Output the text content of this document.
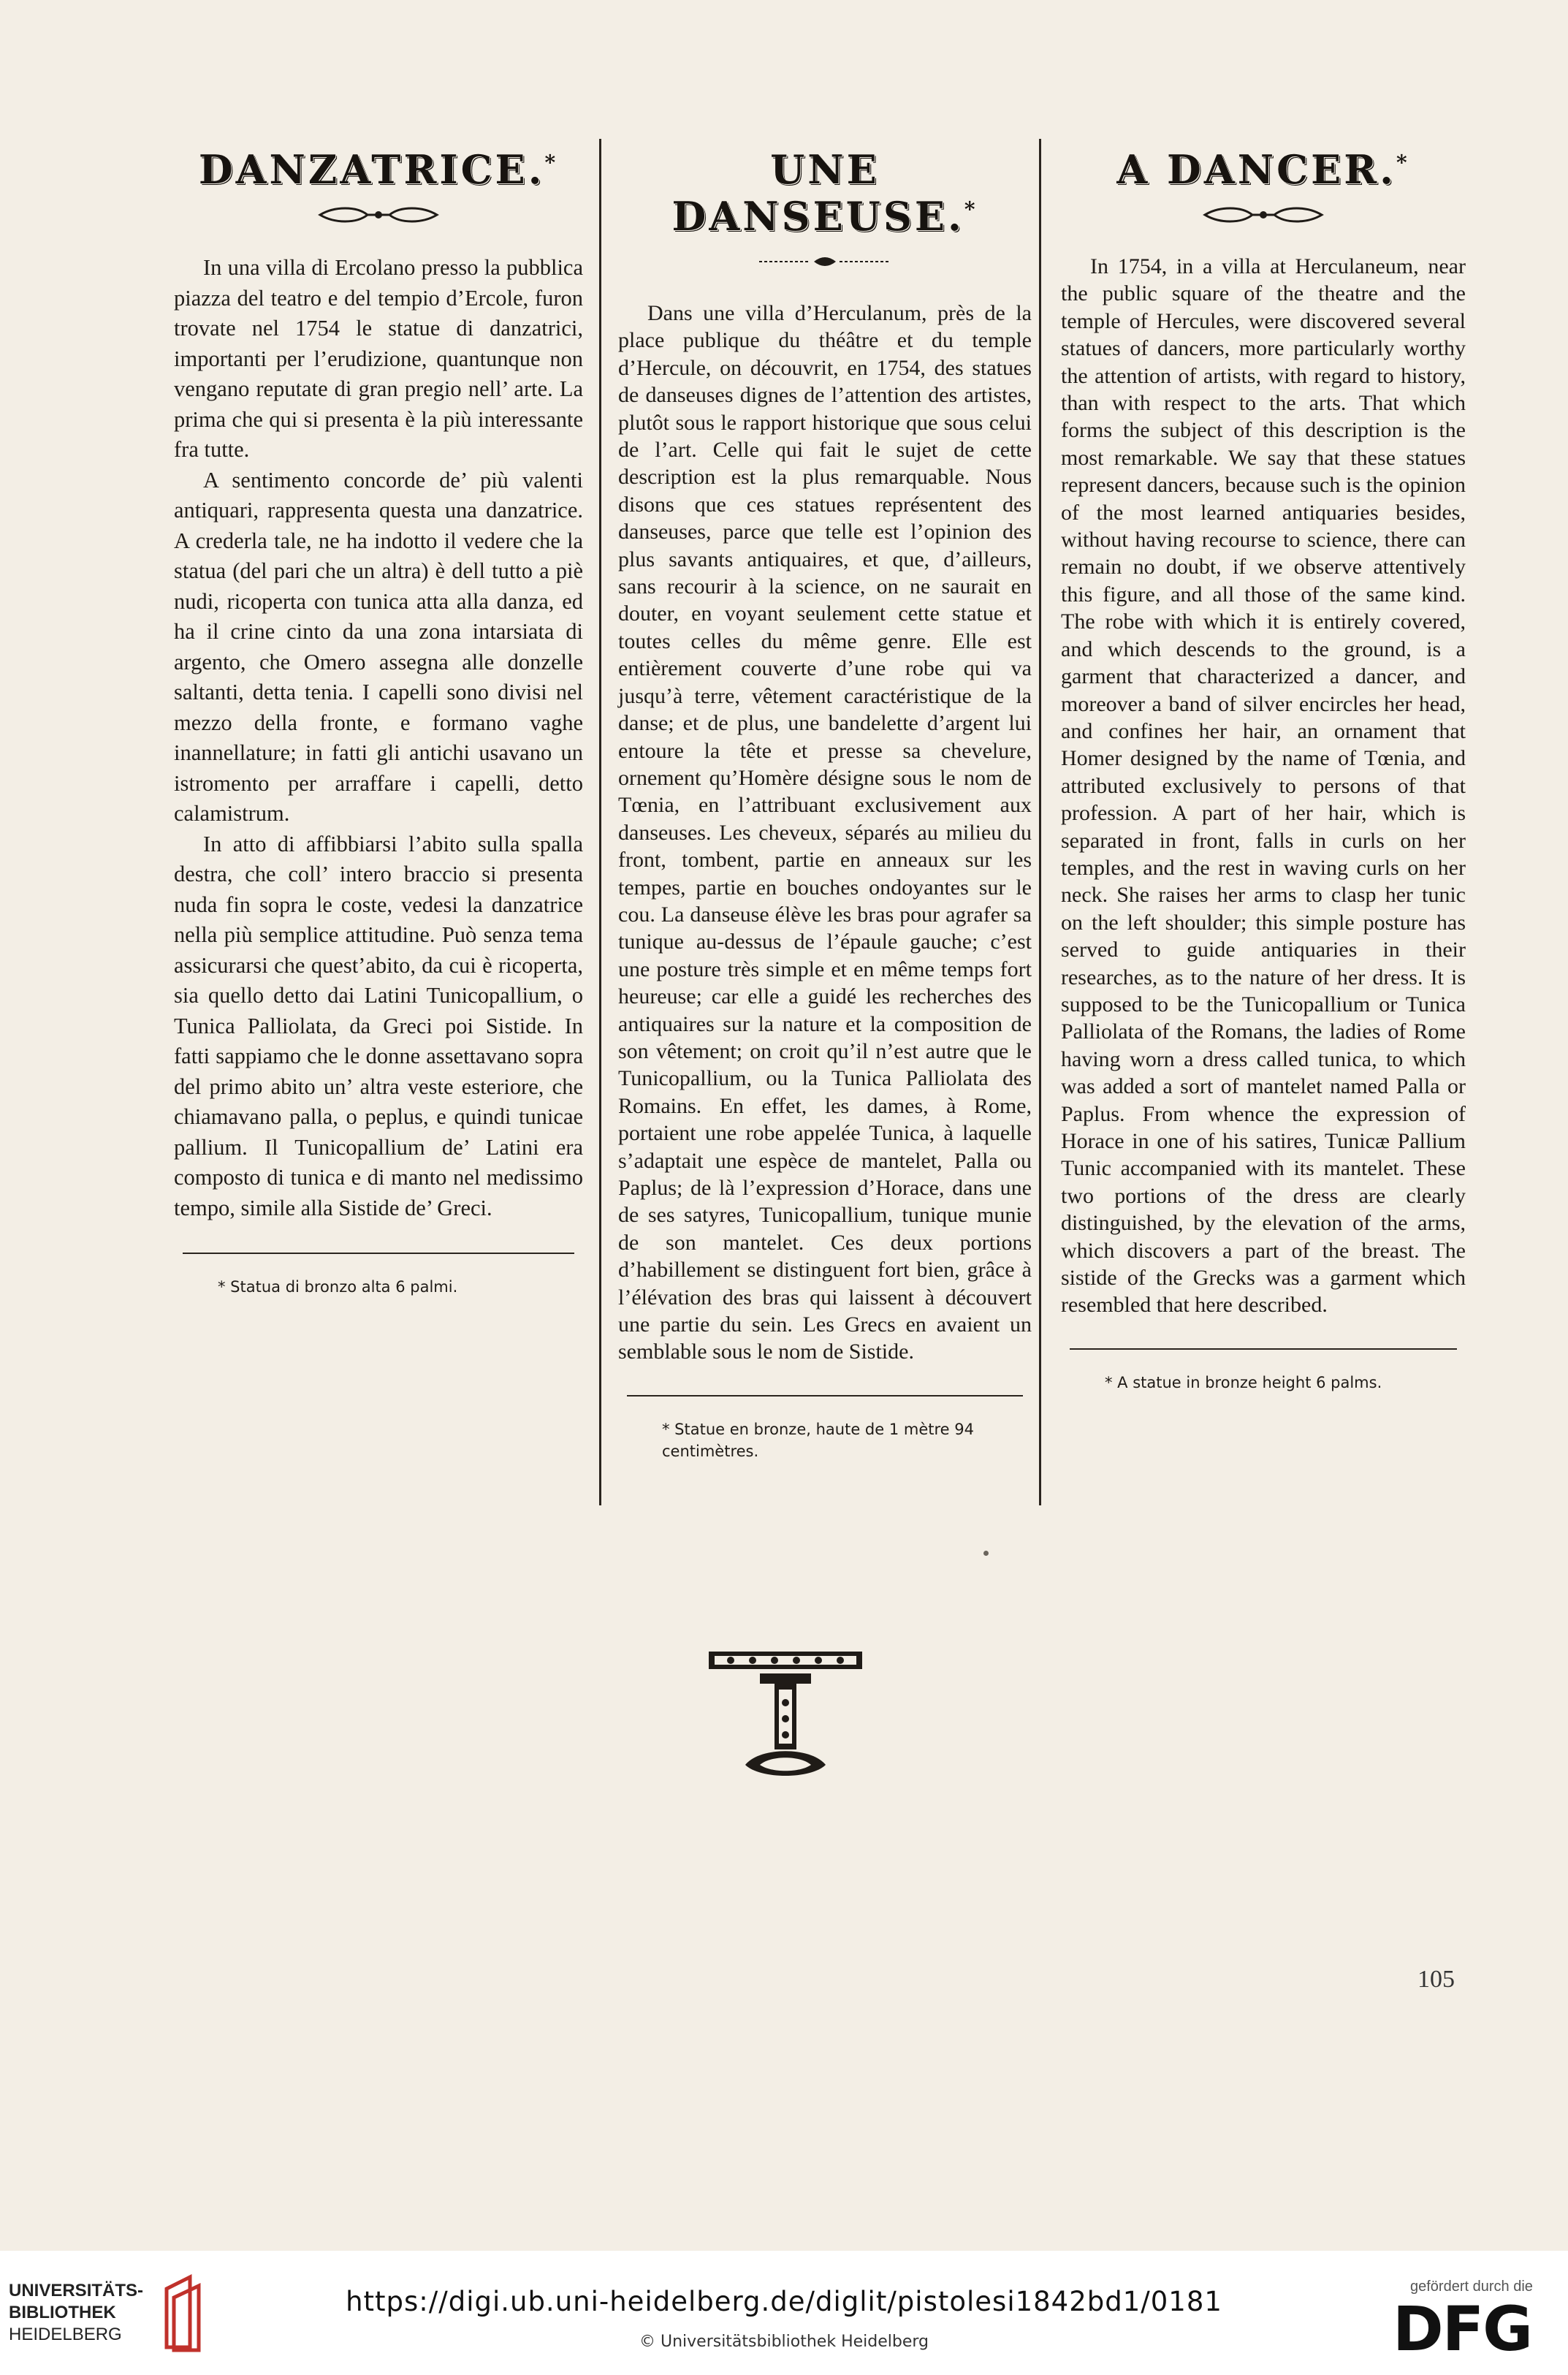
DANZATRICE.*

In una villa di Ercolano presso la pubblica piazza del teatro e del tempio d’Ercole, furon trovate nel 1754 le statue di danzatrici, importanti per l’erudizione, quantunque non vengano reputate di gran pregio nell’ arte. La prima che qui si presenta è la più interessante fra tutte.

A sentimento concorde de’ più valenti antiquari, rappresenta questa una danzatrice. A crederla tale, ne ha indotto il vedere che la statua (del pari che un altra) è dell tutto a piè nudi, ricoperta con tunica atta alla danza, ed ha il crine cinto da una zona intarsiata di argento, che Omero assegna alle donzelle saltanti, detta tenia. I capelli sono divisi nel mezzo della fronte, e formano vaghe inannellature; in fatti gli antichi usavano un istromento per arraffare i capelli, detto calamistrum.

In atto di affibbiarsi l’abito sulla spalla destra, che coll’ intero braccio si presenta nuda fin sopra le coste, vedesi la danzatrice nella più semplice attitudine. Può senza tema assicurarsi che quest’abito, da cui è ricoperta, sia quello detto dai Latini Tunicopallium, o Tunica Palliolata, da Greci poi Sistide. In fatti sappiamo che le donne assettavano sopra del primo abito un’ altra veste esteriore, che chiamavano palla, o peplus, e quindi tunicae pallium. Il Tunicopallium de’ Latini era composto di tunica e di manto nel medissimo tempo, simile alla Sistide de’ Greci.

* Statua di bronzo alta 6 palmi.
UNE DANSEUSE.*

Dans une villa d’Herculanum, près de la place publique du théâtre et du temple d’Hercule, on découvrit, en 1754, des statues de danseuses dignes de l’attention des artistes, plutôt sous le rapport historique que sous celui de l’art. Celle qui fait le sujet de cette description est la plus remarquable. Nous disons que ces statues représentent des danseuses, parce que telle est l’opinion des plus savants antiquaires, et que, d’ailleurs, sans recourir à la science, on ne saurait en douter, en voyant seulement cette statue et toutes celles du même genre. Elle est entièrement couverte d’une robe qui va jusqu’à terre, vêtement caractéristique de la danse; et de plus, une bandelette d’argent lui entoure la tête et presse sa chevelure, ornement qu’Homère désigne sous le nom de Tœnia, en l’attribuant exclusivement aux danseuses. Les cheveux, séparés au milieu du front, tombent, partie en anneaux sur les tempes, partie en bouches ondoyantes sur le cou. La danseuse élève les bras pour agrafer sa tunique au-dessus de l’épaule gauche; c’est une posture très simple et en même temps fort heureuse; car elle a guidé les recherches des antiquaires sur la nature et la composition de son vêtement; on croit qu’il n’est autre que le Tunicopallium, ou la Tunica Palliolata des Romains. En effet, les dames, à Rome, portaient une robe appelée Tunica, à laquelle s’adaptait une espèce de mantelet, Palla ou Paplus; de là l’expression d’Horace, dans une de ses satyres, Tunicopallium, tunique munie de son mantelet. Ces deux portions d’habillement se distinguent fort bien, grâce à l’élévation des bras qui laissent à découvert une partie du sein. Les Grecs en avaient un semblable sous le nom de Sistide.

* Statue en bronze, haute de 1 mètre 94 centimètres.
A DANCER.*

In 1754, in a villa at Herculaneum, near the public square of the theatre and the temple of Hercules, were discovered several statues of dancers, more particularly worthy the attention of artists, with regard to history, than with respect to the arts. That which forms the subject of this description is the most remarkable. We say that these statues represent dancers, because such is the opinion of the most learned antiquaries besides, without having recourse to science, there can remain no doubt, if we observe attentively this figure, and all those of the same kind. The robe with which it is entirely covered, and which descends to the ground, is a garment that characterized a dancer, and moreover a band of silver encircles her head, and confines her hair, an ornament that Homer designed by the name of Tœnia, and attributed exclusively to persons of that profession. A part of her hair, which is separated in front, falls in curls on her temples, and the rest in waving curls on her neck. She raises her arms to clasp her tunic on the left shoulder; this simple posture has served to guide antiquaries in their researches, as to the nature of her dress. It is supposed to be the Tunicopallium or Tunica Palliolata of the Romans, the ladies of Rome having worn a dress called tunica, to which was added a sort of mantelet named Palla or Paplus. From whence the expression of Horace in one of his satires, Tunicæ Pallium Tunic accompanied with its mantelet. These two portions of the dress are clearly distinguished, by the elevation of the arms, which discovers a part of the breast. The sistide of the Grecks was a garment which resembled that here described.

* A statue in bronze height 6 palms.
105
UNIVERSITÄTS-
BIBLIOTHEK
HEIDELBERG
https://digi.ub.uni-heidelberg.de/diglit/pistolesi1842bd1/0181
© Universitätsbibliothek Heidelberg
gefördert durch die
DFG
